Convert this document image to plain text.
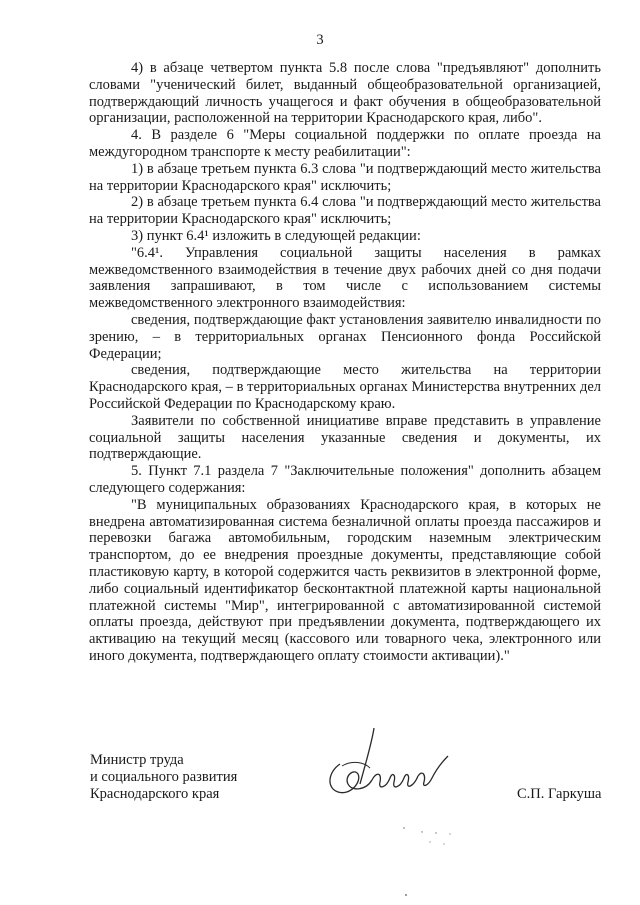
3

4) в абзаце четвертом пункта 5.8 после слова "предъявляют" дополнить словами "ученический билет, выданный общеобразовательной организацией, подтверждающий личность учащегося и факт обучения в общеобразовательной организации, расположенной на территории Краснодарского края, либо".

4. В разделе 6 "Меры социальной поддержки по оплате проезда на междугородном транспорте к месту реабилитации":

1) в абзаце третьем пункта 6.3 слова "и подтверждающий место жительства на территории Краснодарского края" исключить;

2) в абзаце третьем пункта 6.4 слова "и подтверждающий место жительства на территории Краснодарского края" исключить;

3) пункт 6.4¹ изложить в следующей редакции:

"6.4¹. Управления социальной защиты населения в рамках межведомственного взаимодействия в течение двух рабочих дней со дня подачи заявления запрашивают, в том числе с использованием системы межведомственного электронного взаимодействия:

сведения, подтверждающие факт установления заявителю инвалидности по зрению, – в территориальных органах Пенсионного фонда Российской Федерации;

сведения, подтверждающие место жительства на территории Краснодарского края, – в территориальных органах Министерства внутренних дел Российской Федерации по Краснодарскому краю.

Заявители по собственной инициативе вправе представить в управление социальной защиты населения указанные сведения и документы, их подтверждающие.

5. Пункт 7.1 раздела 7 "Заключительные положения" дополнить абзацем следующего содержания:

"В муниципальных образованиях Краснодарского края, в которых не внедрена автоматизированная система безналичной оплаты проезда пассажиров и перевозки багажа автомобильным, городским наземным электрическим транспортом, до ее внедрения проездные документы, представляющие собой пластиковую карту, в которой содержится часть реквизитов в электронной форме, либо социальный идентификатор бесконтактной платежной карты национальной платежной системы "Мир", интегрированной с автоматизированной системой оплаты проезда, действуют при предъявлении документа, подтверждающего их активацию на текущий месяц (кассового или товарного чека, электронного или иного документа, подтверждающего оплату стоимости активации)."

Министр труда
и социального развития
Краснодарского края	С.П. Гаркуша
